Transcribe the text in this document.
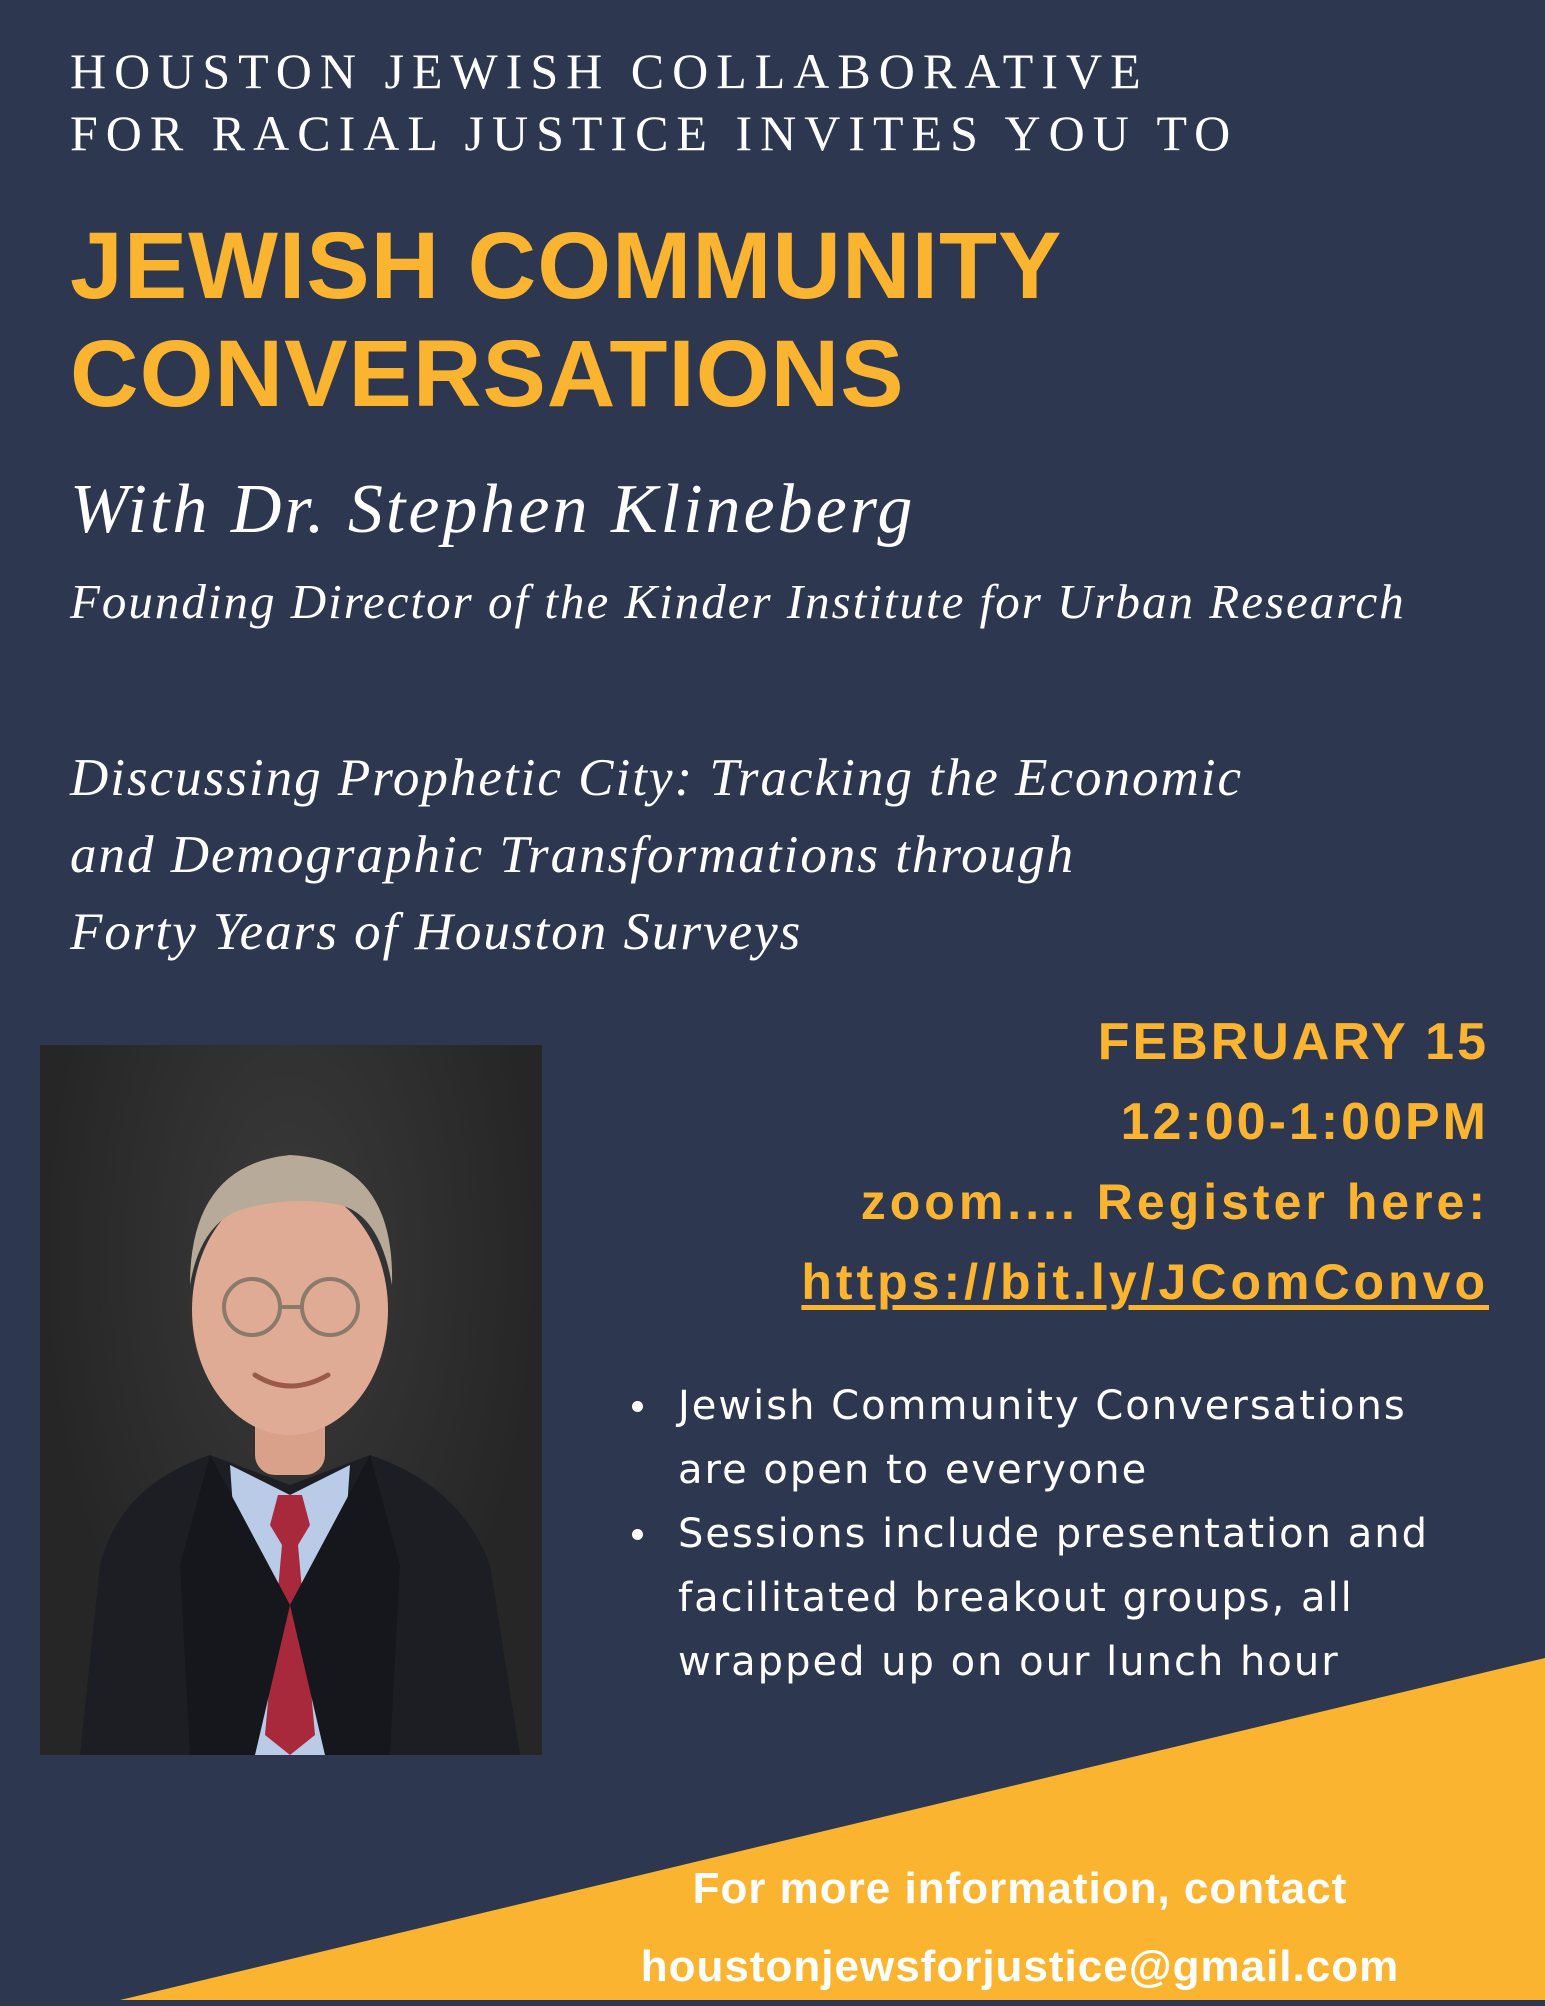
HOUSTON JEWISH COLLABORATIVE
FOR RACIAL JUSTICE INVITES YOU TO
JEWISH COMMUNITY
CONVERSATIONS
With Dr. Stephen Klineberg
Founding Director of the Kinder Institute for Urban Research
Discussing Prophetic City: Tracking the Economic
and Demographic Transformations through
Forty Years of Houston Surveys
FEBRUARY 15
12:00-1:00PM
zoom.... Register here:
https://bit.ly/JComConvo
Jewish Community Conversations are open to everyone
Sessions include presentation and facilitated breakout groups, all wrapped up on our lunch hour
For more information, contact
houstonjewsforjustice@gmail.com
